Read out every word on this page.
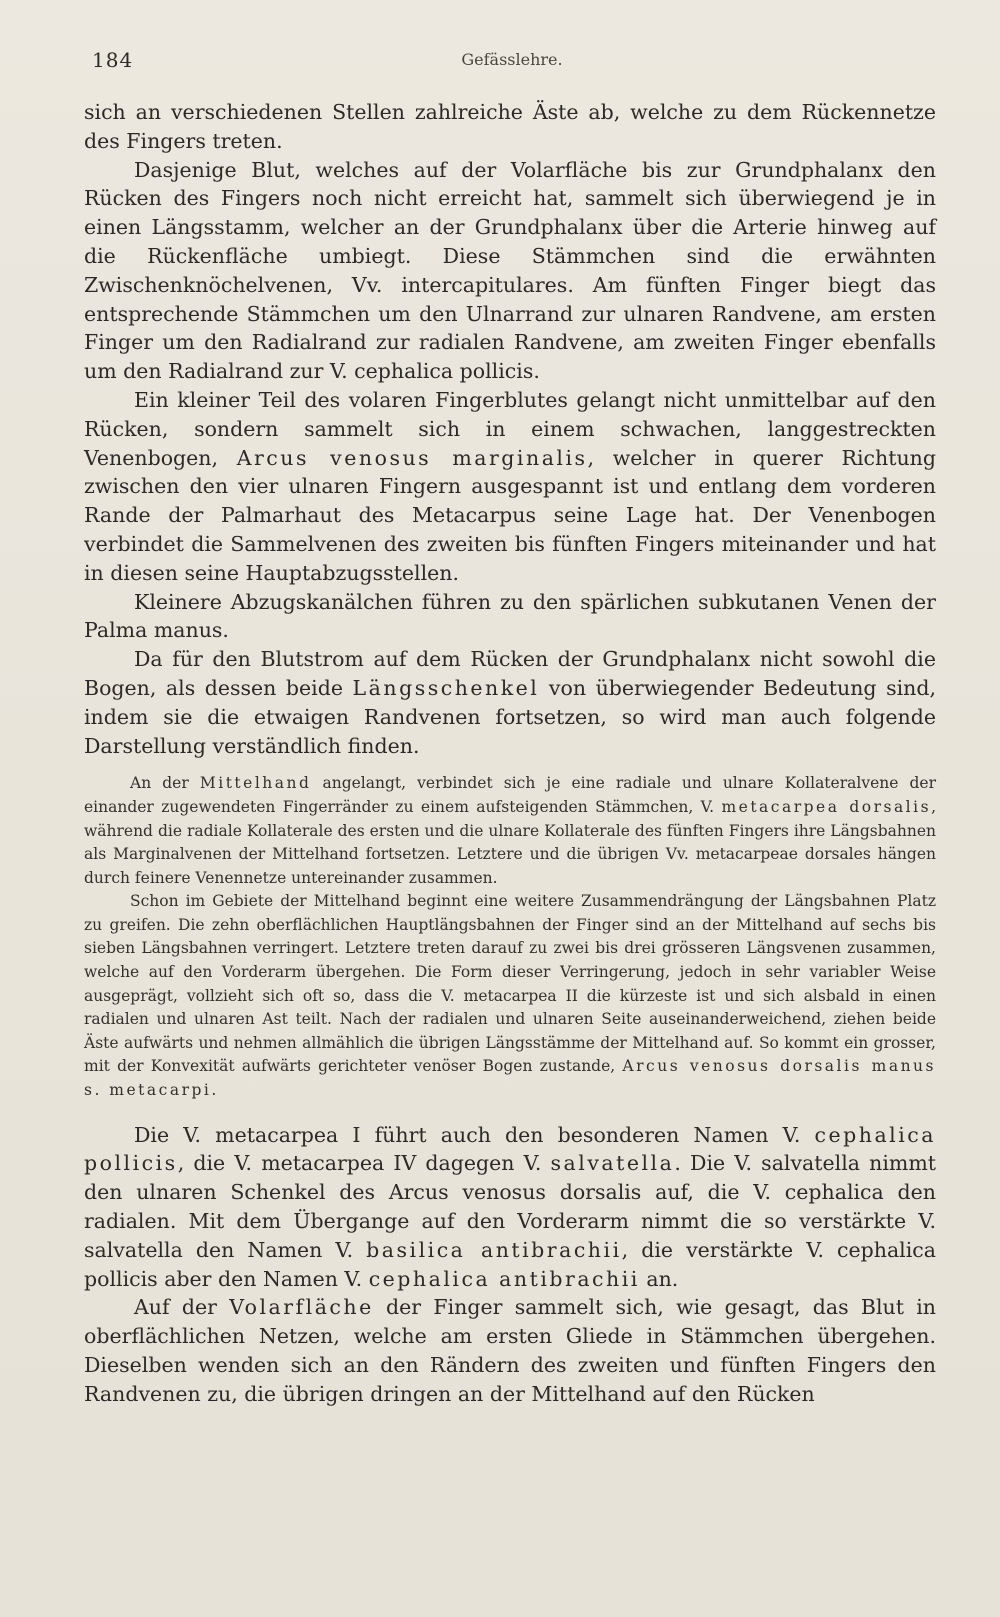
184	Gefässlehre.

sich an verschiedenen Stellen zahlreiche Äste ab, welche zu dem Rückennetze des Fingers treten.

Dasjenige Blut, welches auf der Volarfläche bis zur Grundphalanx den Rücken des Fingers noch nicht erreicht hat, sammelt sich überwiegend je in einen Längsstamm, welcher an der Grundphalanx über die Arterie hinweg auf die Rückenfläche umbiegt. Diese Stämmchen sind die erwähnten Zwischenknöchelvenen, Vv. intercapitulares. Am fünften Finger biegt das entsprechende Stämmchen um den Ulnarrand zur ulnaren Randvene, am ersten Finger um den Radialrand zur radialen Randvene, am zweiten Finger ebenfalls um den Radialrand zur V. cephalica pollicis.

Ein kleiner Teil des volaren Fingerblutes gelangt nicht unmittelbar auf den Rücken, sondern sammelt sich in einem schwachen, langgestreckten Venenbogen, Arcus venosus marginalis, welcher in querer Richtung zwischen den vier ulnaren Fingern ausgespannt ist und entlang dem vorderen Rande der Palmarhaut des Metacarpus seine Lage hat. Der Venenbogen verbindet die Sammelvenen des zweiten bis fünften Fingers miteinander und hat in diesen seine Hauptabzugsstellen.

Kleinere Abzugskanälchen führen zu den spärlichen subkutanen Venen der Palma manus.

Da für den Blutstrom auf dem Rücken der Grundphalanx nicht sowohl die Bogen, als dessen beide Längsschenkel von überwiegender Bedeutung sind, indem sie die etwaigen Randvenen fortsetzen, so wird man auch folgende Darstellung verständlich finden.

An der Mittelhand angelangt, verbindet sich je eine radiale und ulnare Kollateralvene der einander zugewendeten Fingerränder zu einem aufsteigenden Stämmchen, V. metacarpea dorsalis, während die radiale Kollaterale des ersten und die ulnare Kollaterale des fünften Fingers ihre Längsbahnen als Marginalvenen der Mittelhand fortsetzen. Letztere und die übrigen Vv. metacarpeae dorsales hängen durch feinere Venennetze untereinander zusammen.
Schon im Gebiete der Mittelhand beginnt eine weitere Zusammendrängung der Längsbahnen Platz zu greifen. Die zehn oberflächlichen Hauptlängsbahnen der Finger sind an der Mittelhand auf sechs bis sieben Längsbahnen verringert. Letztere treten darauf zu zwei bis drei grösseren Längsvenen zusammen, welche auf den Vorderarm übergehen. Die Form dieser Verringerung, jedoch in sehr variabler Weise ausgeprägt, vollzieht sich oft so, dass die V. metacarpea II die kürzeste ist und sich alsbald in einen radialen und ulnaren Ast teilt. Nach der radialen und ulnaren Seite auseinanderweichend, ziehen beide Äste aufwärts und nehmen allmählich die übrigen Längsstämme der Mittelhand auf. So kommt ein grosser, mit der Konvexität aufwärts gerichteter venöser Bogen zustande, Arcus venosus dorsalis manus s. metacarpi.

Die V. metacarpea I führt auch den besonderen Namen V. cephalica pollicis, die V. metacarpea IV dagegen V. salvatella. Die V. salvatella nimmt den ulnaren Schenkel des Arcus venosus dorsalis auf, die V. cephalica den radialen. Mit dem Übergange auf den Vorderarm nimmt die so verstärkte V. salvatella den Namen V. basilica antibrachii, die verstärkte V. cephalica pollicis aber den Namen V. cephalica antibrachii an.

Auf der Volarfläche der Finger sammelt sich, wie gesagt, das Blut in oberflächlichen Netzen, welche am ersten Gliede in Stämmchen übergehen. Dieselben wenden sich an den Rändern des zweiten und fünften Fingers den Randvenen zu, die übrigen dringen an der Mittelhand auf den Rücken
